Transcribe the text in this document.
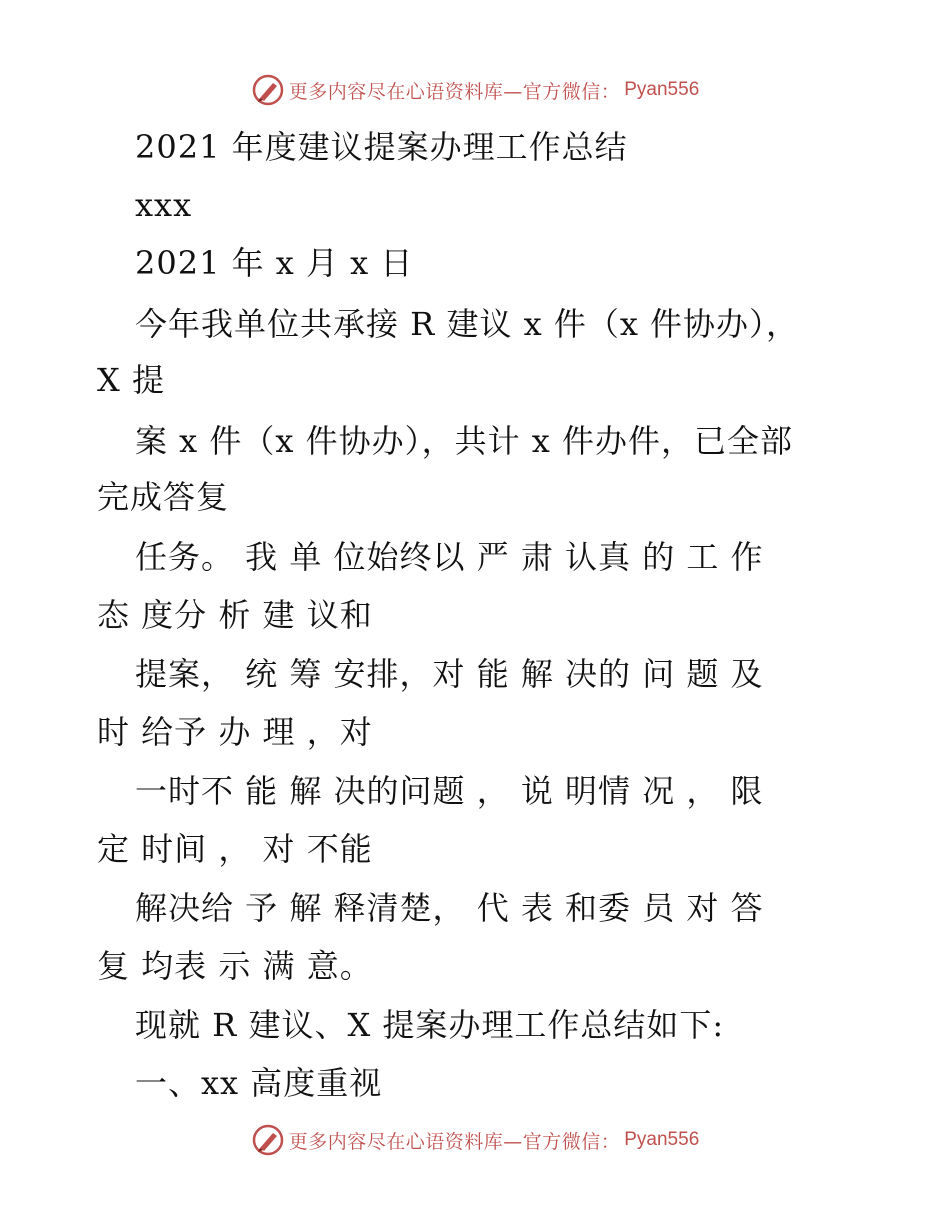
更多内容尽在心语资料库—官方微信： Pyan556
2021 年度建议提案办理工作总结
xxx
2021 年 x 月 x 日
今年我单位共承接 R 建议 x 件（x 件协办），
X 提
案 x 件（x 件协办），共计 x 件办件，已全部
完成答复
任务。 我 单 位始终以 严 肃 认真 的 工 作
态 度分 析 建 议和
提案， 统 筹 安排，对 能 解 决的 问 题 及
时 给予 办 理 ，对
一时不 能 解 决的问题 ， 说 明情 况 ， 限
定 时间 ， 对 不能
解决给 予 解 释清楚， 代 表 和委 员 对 答
复 均表 示 满 意。
现就 R 建议、X 提案办理工作总结如下:
一、xx 高度重视
更多内容尽在心语资料库—官方微信： Pyan556
